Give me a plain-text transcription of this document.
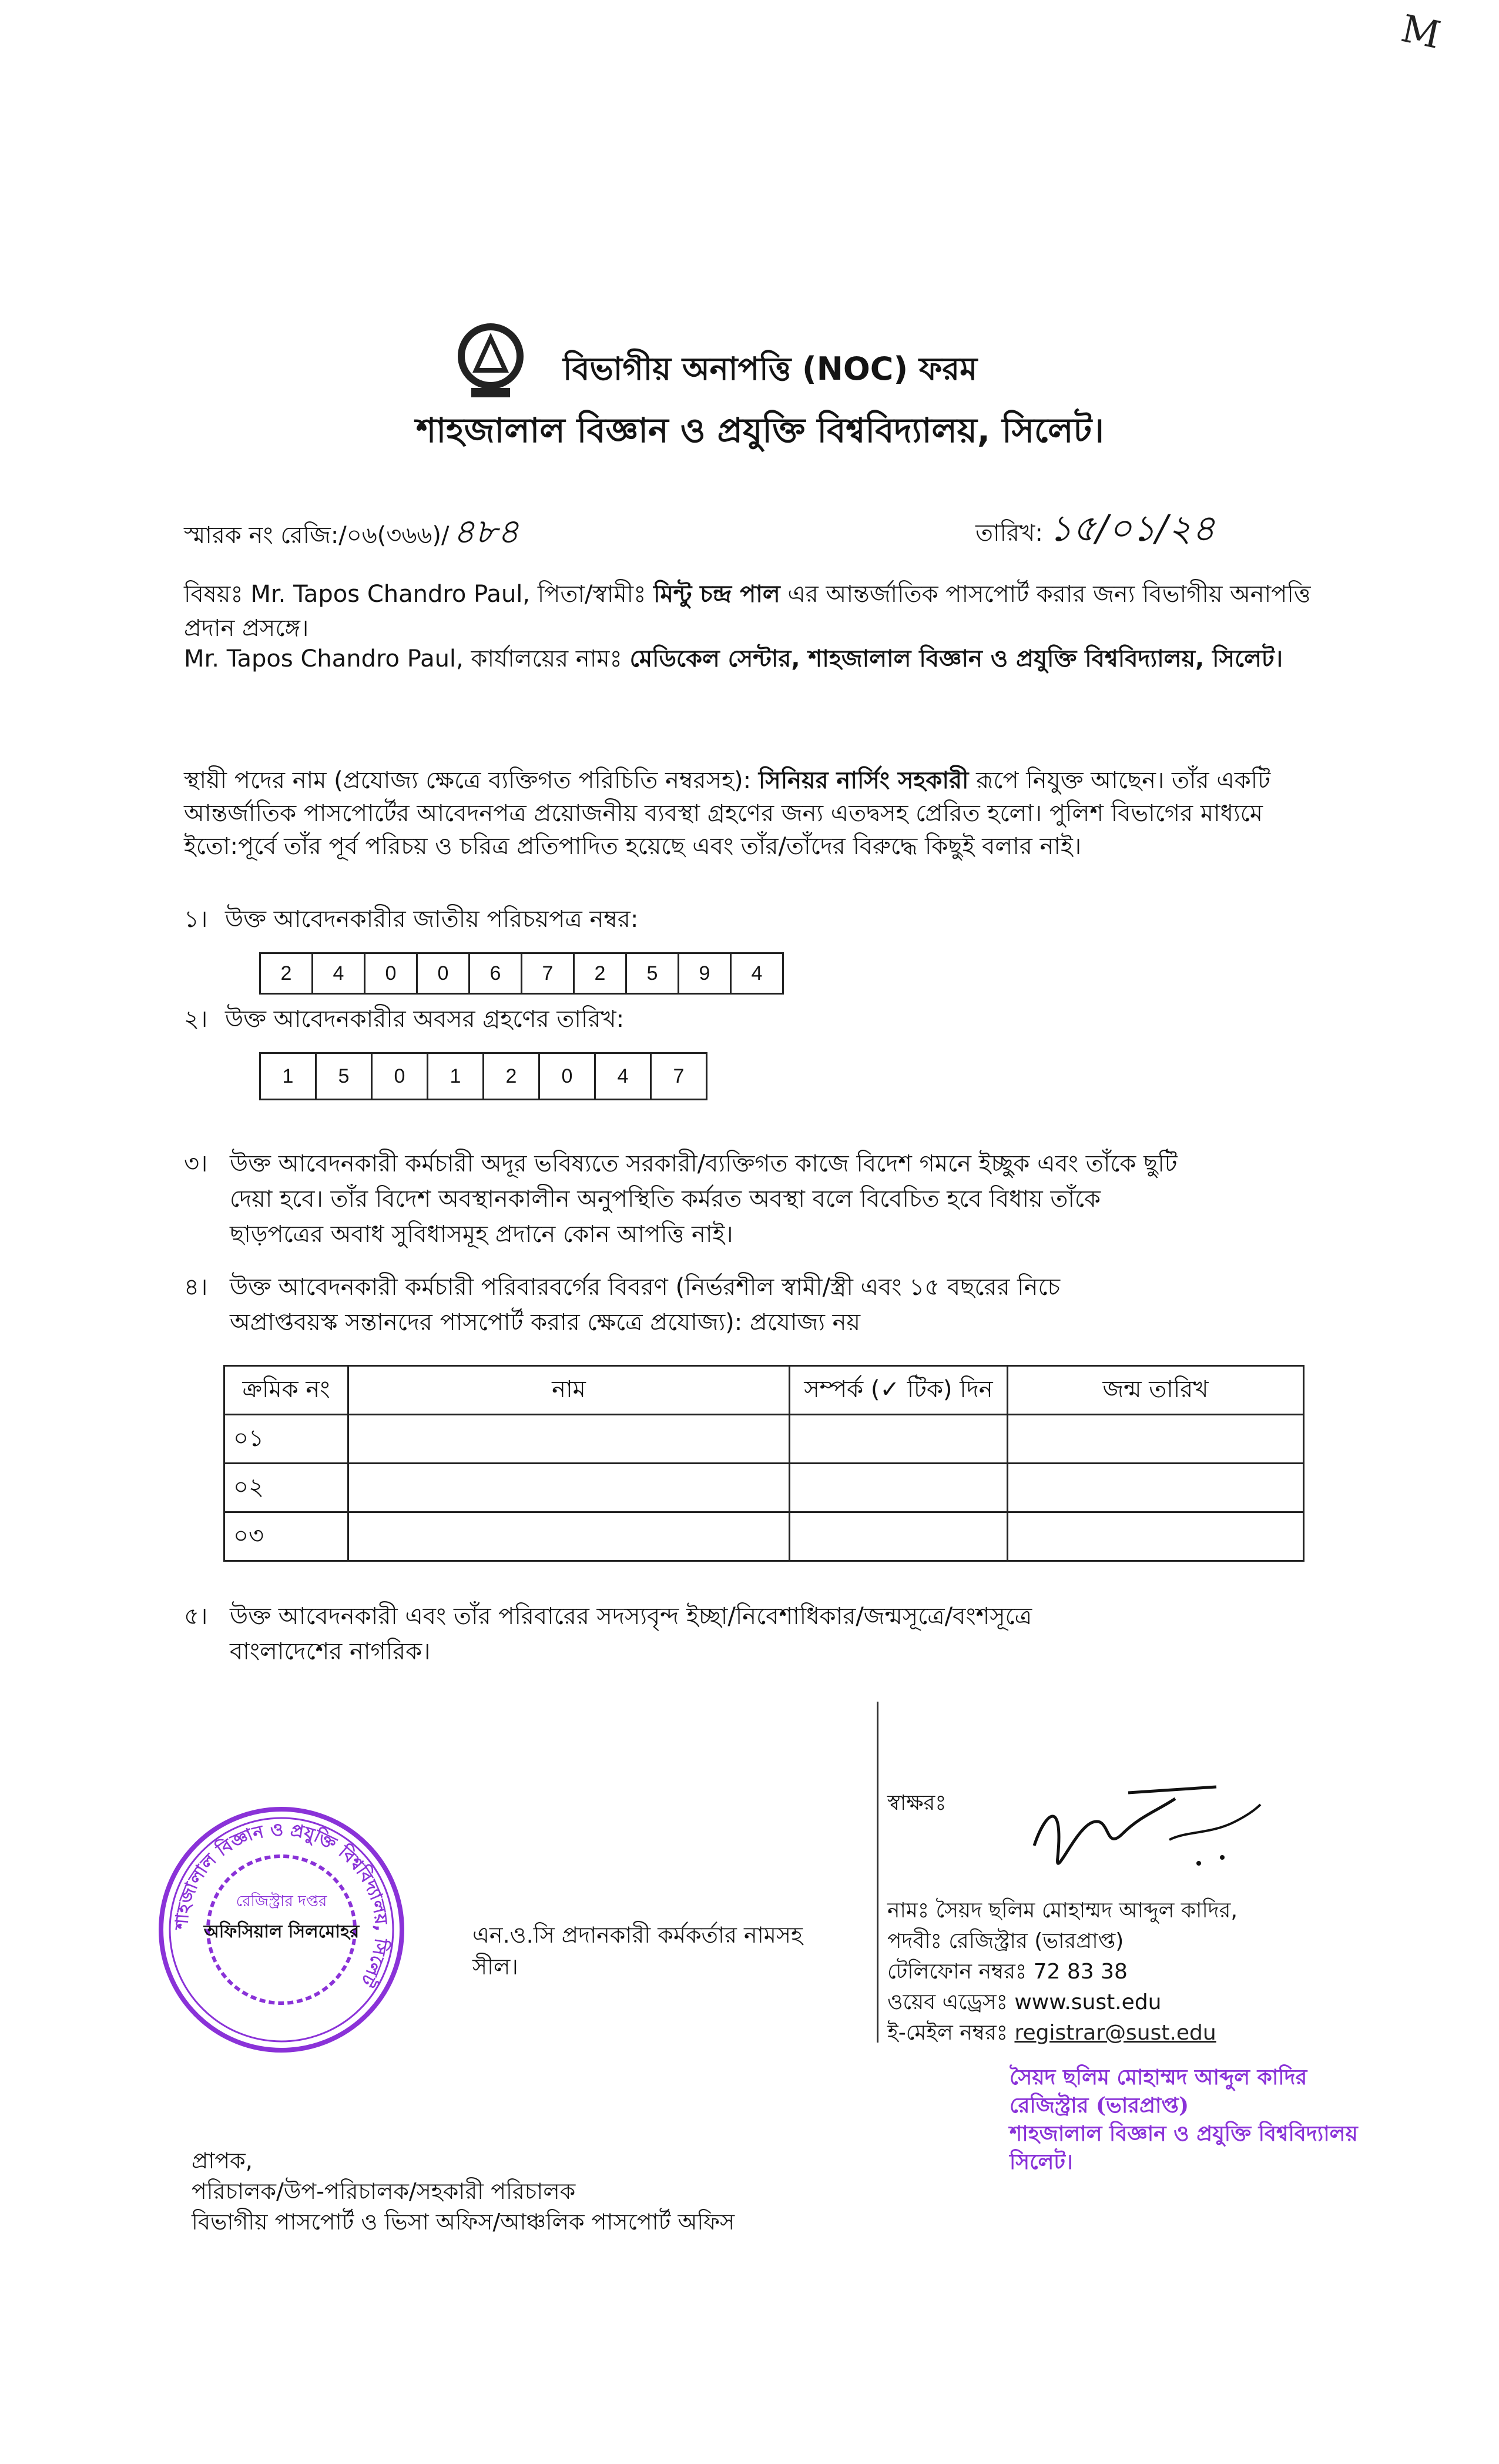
M
বিভাগীয় অনাপত্তি (NOC) ফরম
শাহজালাল বিজ্ঞান ও প্রযুক্তি বিশ্ববিদ্যালয়, সিলেট।
স্মারক নং রেজি:/০৬(৩৬৬)/ ৪৮৪	তারিখ: ১৫/০১/২৪
বিষয়ঃ Mr. Tapos Chandro Paul, পিতা/স্বামীঃ মিন্টু চন্দ্র পাল এর আন্তর্জাতিক পাসপোর্ট করার জন্য বিভাগীয় অনাপত্তি প্রদান প্রসঙ্গে।
Mr. Tapos Chandro Paul, কার্যালয়ের নামঃ মেডিকেল সেন্টার, শাহজালাল বিজ্ঞান ও প্রযুক্তি বিশ্ববিদ্যালয়, সিলেট।
স্থায়ী পদের নাম (প্রযোজ্য ক্ষেত্রে ব্যক্তিগত পরিচিতি নম্বরসহ): সিনিয়র নার্সিং সহকারী রূপে নিযুক্ত আছেন। তাঁর একটি আন্তর্জাতিক পাসপোর্টের আবেদনপত্র প্রয়োজনীয় ব্যবস্থা গ্রহণের জন্য এতদ্বসহ প্রেরিত হলো। পুলিশ বিভাগের মাধ্যমে ইতো:পূর্বে তাঁর পূর্ব পরিচয় ও চরিত্র প্রতিপাদিত হয়েছে এবং তাঁর/তাঁদের বিরুদ্ধে কিছুই বলার নাই।
১। উক্ত আবেদনকারীর জাতীয় পরিচয়পত্র নম্বর:
2	4	0	0	6	7	2	5	9	4
২। উক্ত আবেদনকারীর অবসর গ্রহণের তারিখ:
1	5	0	1	2	0	4	7
৩। উক্ত আবেদনকারী কর্মচারী অদূর ভবিষ্যতে সরকারী/ব্যক্তিগত কাজে বিদেশ গমনে ইচ্ছুক এবং তাঁকে ছুটি
দেয়া হবে। তাঁর বিদেশ অবস্থানকালীন অনুপস্থিতি কর্মরত অবস্থা বলে বিবেচিত হবে বিধায় তাঁকে
ছাড়পত্রের অবাধ সুবিধাসমূহ প্রদানে কোন আপত্তি নাই।
৪। উক্ত আবেদনকারী কর্মচারী পরিবারবর্গের বিবরণ (নির্ভরশীল স্বামী/স্ত্রী এবং ১৫ বছরের নিচে
অপ্রাপ্তবয়স্ক সন্তানদের পাসপোর্ট করার ক্ষেত্রে প্রযোজ্য): প্রযোজ্য নয়
ক্রমিক নং	নাম	সম্পর্ক (✓ টিক) দিন	জন্ম তারিখ
০১			
০২			
০৩			
৫। উক্ত আবেদনকারী এবং তাঁর পরিবারের সদস্যবৃন্দ ইচ্ছা/নিবেশাধিকার/জন্মসূত্রে/বংশসূত্রে
বাংলাদেশের নাগরিক।
স্বাক্ষরঃ
নামঃ সৈয়দ ছলিম মোহাম্মদ আব্দুল কাদির,
পদবীঃ রেজিস্ট্রার (ভারপ্রাপ্ত)
টেলিফোন নম্বরঃ 72 83 38
ওয়েব এড্রেসঃ www.sust.edu
ই-মেইল নম্বরঃ registrar@sust.edu
সৈয়দ ছলিম মোহাম্মদ আব্দুল কাদির
রেজিস্ট্রার (ভারপ্রাপ্ত)
শাহজালাল বিজ্ঞান ও প্রযুক্তি বিশ্ববিদ্যালয়
সিলেট।
শাহজালাল বিজ্ঞান ও প্রযুক্তি বিশ্ববিদ্যালয়, সিলেট
রেজিস্ট্রার দপ্তর
অফিসিয়াল সিলমোহর	এন.ও.সি প্রদানকারী কর্মকর্তার নামসহ সীল।
প্রাপক,
পরিচালক/উপ-পরিচালক/সহকারী পরিচালক
বিভাগীয় পাসপোর্ট ও ভিসা অফিস/আঞ্চলিক পাসপোর্ট অফিস
